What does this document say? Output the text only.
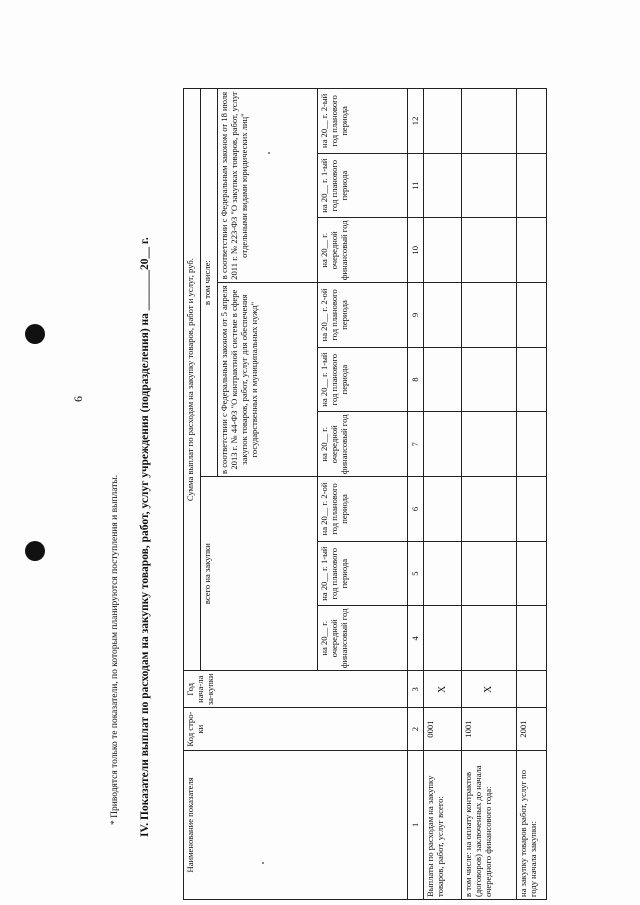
6
* Приводятся только те показатели, по которым планируются поступления и выплаты.	IV. Показатели выплат по расходам на закупку товаров, работ, услуг учреждения (подразделения) на _______20__ г.
Наименование показателя	Код стро-ки	Год нача-ла за-купки	Сумма выплат по расходам на закупку товаров, работ и услуг, руб.								
			всего на закупки			в том числе:					
						в соответствии с Федеральным законом от 5 апреля 2013 г. № 44-ФЗ "О контрактной системе в сфере закупок товаров, работ, услуг для обеспечения государственных и муниципальных нужд"			в соответствии с Федеральным законом от 18 июля 2011 г. № 223-ФЗ "О закупках товаров, работ, услуг отдельными видами юридических лиц"		
			на 20__ г. очередной финансовый год	на 20__ г. 1-ый год планового периода	на 20__ г. 2-ой год планового периода	на 20__ г. очередной финансовый год	на 20__ г. 1-ый год планового периода	на 20__ г. 2-ой год планового периода	на 20__ г. очередной финансовый год	на 20__ г. 1-ый год планового периода	на 20__ г. 2-ый год планового периода
1	2	3	4	5	6	7	8	9	10	11	12
Выплаты по расходам на закупку товаров, работ, услуг всего:	0001	X									
в том числе: на оплату контрактов (договоров) заключенных до начала очередного финансового года:	1001	X									
на закупку товаров работ, услуг по году начала закупки:	2001										
